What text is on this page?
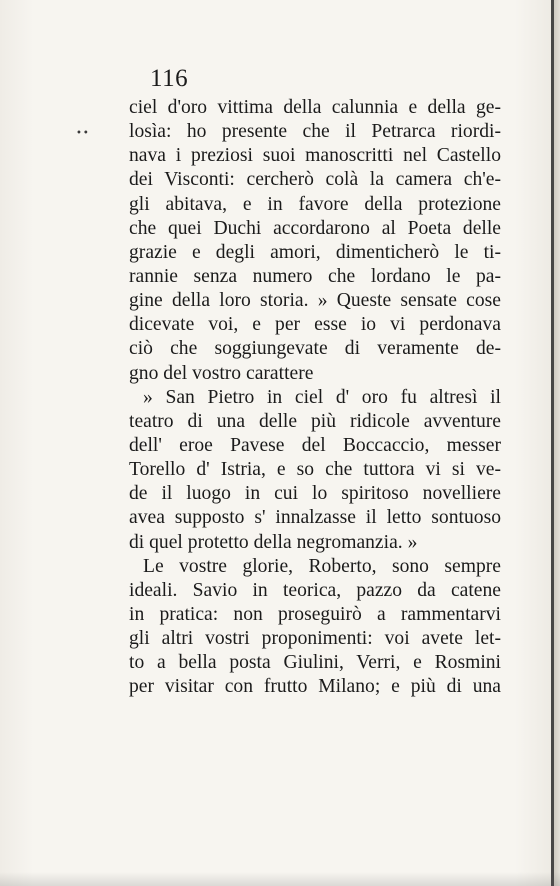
116
••
ciel d'oro vittima della calunnia e della ge-
losìa: ho presente che il Petrarca riordi-
nava i preziosi suoi manoscritti nel Castello
dei Visconti: cercherò colà la camera ch'e-
gli abitava, e in favore della protezione
che quei Duchi accordarono al Poeta delle
grazie e degli amori, dimenticherò le ti-
rannie senza numero che lordano le pa-
gine della loro storia. » Queste sensate cose
dicevate voi, e per esse io vi perdonava
ciò che soggiungevate di veramente de-
gno del vostro carattere
» San Pietro in ciel d' oro fu altresì il
teatro di una delle più ridicole avventure
dell' eroe Pavese del Boccaccio, messer
Torello d' Istria, e so che tuttora vi si ve-
de il luogo in cui lo spiritoso novelliere
avea supposto s' innalzasse il letto sontuoso
di quel protetto della negromanzia. »
Le vostre glorie, Roberto, sono sempre
ideali. Savio in teorica, pazzo da catene
in pratica: non proseguirò a rammentarvi
gli altri vostri proponimenti: voi avete let-
to a bella posta Giulini, Verri, e Rosmini
per visitar con frutto Milano; e più di una
